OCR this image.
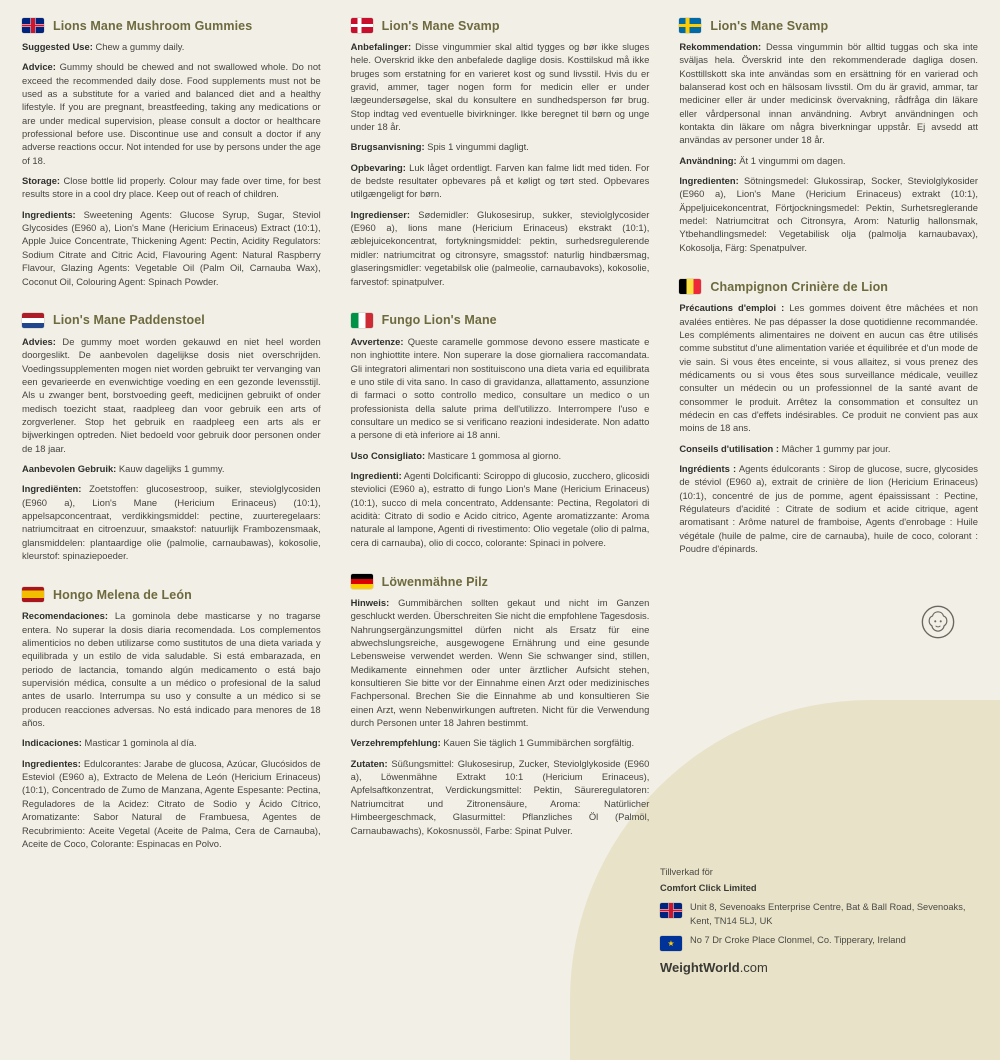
Lions Mane Mushroom Gummies

Suggested Use: Chew a gummy daily.

Advice: Gummy should be chewed and not swallowed whole. Do not exceed the recommended daily dose. Food supplements must not be used as a substitute for a varied and balanced diet and a healthy lifestyle. If you are pregnant, breastfeeding, taking any medications or are under medical supervision, please consult a doctor or healthcare professional before use. Discontinue use and consult a doctor if any adverse reactions occur. Not intended for use by persons under the age of 18.

Storage: Close bottle lid properly. Colour may fade over time, for best results store in a cool dry place. Keep out of reach of children.

Ingredients: Sweetening Agents: Glucose Syrup, Sugar, Steviol Glycosides (E960 a), Lion's Mane (Hericium Erinaceus) Extract (10:1), Apple Juice Concentrate, Thickening Agent: Pectin, Acidity Regulators: Sodium Citrate and Citric Acid, Flavouring Agent: Natural Raspberry Flavour, Glazing Agents: Vegetable Oil (Palm Oil, Carnauba Wax), Coconut Oil, Colouring Agent: Spinach Powder.

Lion's Mane Paddenstoel

Advies: De gummy moet worden gekauwd en niet heel worden doorgeslikt. De aanbevolen dagelijkse dosis niet overschrijden. Voedingssupplementen mogen niet worden gebruikt ter vervanging van een gevarieerde en evenwichtige voeding en een gezonde levensstijl. Als u zwanger bent, borstvoeding geeft, medicijnen gebruikt of onder medisch toezicht staat, raadpleeg dan voor gebruik een arts of zorgverlener. Stop het gebruik en raadpleeg een arts als er bijwerkingen optreden. Niet bedoeld voor gebruik door personen onder de 18 jaar.

Aanbevolen Gebruik: Kauw dagelijks 1 gummy.

Ingrediënten: Zoetstoffen: glucosestroop, suiker, steviolglycosiden (E960 a), Lion's Mane (Hericium Erinaceus) (10:1), appelsapconcentraat, verdikkingsmiddel: pectine, zuurteregelaars: natriumcitraat en citroenzuur, smaakstof: natuurlijk Frambozensmaak, glansmiddelen: plantaardige olie (palmolie, carnaubawas), kokosolie, kleurstof: spinaziepoeder.

Hongo Melena de León

Recomendaciones: La gominola debe masticarse y no tragarse entera. No superar la dosis diaria recomendada. Los complementos alimenticios no deben utilizarse como sustitutos de una dieta variada y equilibrada y un estilo de vida saludable. Si está embarazada, en periodo de lactancia, tomando algún medicamento o está bajo supervisión médica, consulte a un médico o profesional de la salud antes de usarlo. Interrumpa su uso y consulte a un médico si se producen reacciones adversas. No está indicado para menores de 18 años.

Indicaciones: Masticar 1 gominola al día.

Ingredientes: Edulcorantes: Jarabe de glucosa, Azúcar, Glucósidos de Esteviol (E960 a), Extracto de Melena de León (Hericium Erinaceus) (10:1), Concentrado de Zumo de Manzana, Agente Espesante: Pectina, Reguladores de la Acidez: Citrato de Sodio y Ácido Cítrico, Aromatizante: Sabor Natural de Frambuesa, Agentes de Recubrimiento: Aceite Vegetal (Aceite de Palma, Cera de Carnauba), Aceite de Coco, Colorante: Espinacas en Polvo.

Lion's Mane Svamp

Anbefalinger: Disse vingummier skal altid tygges og bør ikke sluges hele. Overskrid ikke den anbefalede daglige dosis. Kosttilskud må ikke bruges som erstatning for en varieret kost og sund livsstil. Hvis du er gravid, ammer, tager nogen form for medicin eller er under lægeundersøgelse, skal du konsultere en sundhedsperson før brug. Stop indtag ved eventuelle bivirkninger. Ikke beregnet til børn og unge under 18 år.

Brugsanvisning: Spis 1 vingummi dagligt.

Opbevaring: Luk låget ordentligt. Farven kan falme lidt med tiden. For de bedste resultater opbevares på et køligt og tørt sted. Opbevares utilgængeligt for børn.

Ingredienser: Sødemidler: Glukosesirup, sukker, steviolglycosider (E960 a), lions mane (Hericium Erinaceus) ekstrakt (10:1), æblejuicekoncentrat, fortykningsmiddel: pektin, surhedsregulerende midler: natriumcitrat og citronsyre, smagsstof: naturlig hindbærsmag, glaseringsmidler: vegetabilsk olie (palmeolie, carnaubavoks), kokosolie, farvestof: spinatpulver.

Fungo Lion's Mane

Avvertenze: Queste caramelle gommose devono essere masticate e non inghiottite intere. Non superare la dose giornaliera raccomandata. Gli integratori alimentari non sostituiscono una dieta varia ed equilibrata e uno stile di vita sano. In caso di gravidanza, allattamento, assunzione di farmaci o sotto controllo medico, consultare un medico o un professionista della salute prima dell'utilizzo. Interrompere l'uso e consultare un medico se si verificano reazioni indesiderate. Non adatto a persone di età inferiore ai 18 anni.

Uso Consigliato: Masticare 1 gommosa al giorno.

Ingredienti: Agenti Dolcificanti: Sciroppo di glucosio, zucchero, glicosidi steviolici (E960 a), estratto di fungo Lion's Mane (Hericium Erinaceus) (10:1), succo di mela concentrato, Addensante: Pectina, Regolatori di acidità: Citrato di sodio e Acido citrico, Agente aromatizzante: Aroma naturale al lampone, Agenti di rivestimento: Olio vegetale (olio di palma, cera di carnauba), olio di cocco, colorante: Spinaci in polvere.

Löwenmähne Pilz

Hinweis: Gummibärchen sollten gekaut und nicht im Ganzen geschluckt werden. Überschreiten Sie nicht die empfohlene Tagesdosis. Nahrungsergänzungsmittel dürfen nicht als Ersatz für eine abwechslungsreiche, ausgewogene Ernährung und eine gesunde Lebensweise verwendet werden. Wenn Sie schwanger sind, stillen, Medikamente einnehmen oder unter ärztlicher Aufsicht stehen, konsultieren Sie bitte vor der Einnahme einen Arzt oder medizinisches Fachpersonal. Brechen Sie die Einnahme ab und konsultieren Sie einen Arzt, wenn Nebenwirkungen auftreten. Nicht für die Verwendung durch Personen unter 18 Jahren bestimmt.

Verzehrempfehlung: Kauen Sie täglich 1 Gummibärchen sorgfältig.

Zutaten: Süßungsmittel: Glukosesirup, Zucker, Steviolglykoside (E960 a), Löwenmähne Extrakt 10:1 (Hericium Erinaceus), Apfelsaftkonzentrat, Verdickungsmittel: Pektin, Säureregulatoren: Natriumcitrat und Zitronensäure, Aroma: Natürlicher Himbeergeschmack, Glasurmittel: Pflanzliches Öl (Palmöl, Carnaubawachs), Kokosnussöl, Farbe: Spinat Pulver.

Lion's Mane Svamp

Rekommendation: Dessa vingummin bör alltid tuggas och ska inte sväljas hela. Överskrid inte den rekommenderade dagliga dosen. Kosttillskott ska inte användas som en ersättning för en varierad och balanserad kost och en hälsosam livsstil. Om du är gravid, ammar, tar mediciner eller är under medicinsk övervakning, rådfråga din läkare eller vårdpersonal innan användning. Avbryt användningen och kontakta din läkare om några biverkningar uppstår. Ej avsedd att användas av personer under 18 år.

Användning: Ät 1 vingummi om dagen.

Ingredienten: Sötningsmedel: Glukossirap, Socker, Steviolglykosider (E960 a), Lion's Mane (Hericium Erinaceus) extrakt (10:1), Äppeljuicekoncentrat, Förtjockningsmedel: Pektin, Surhetsreglerande medel: Natriumcitrat och Citronsyra, Arom: Naturlig hallonsmak, Ytbehandlingsmedel: Vegetabilisk olja (palmolja karnaubavax), Kokosolja, Färg: Spenatpulver.

Champignon Crinière de Lion

Précautions d'emploi : Les gommes doivent être mâchées et non avalées entières. Ne pas dépasser la dose quotidienne recommandée. Les compléments alimentaires ne doivent en aucun cas être utilisés comme substitut d'une alimentation variée et équilibrée et d'un mode de vie sain. Si vous êtes enceinte, si vous allaitez, si vous prenez des médicaments ou si vous êtes sous surveillance médicale, veuillez consulter un médecin ou un professionnel de la santé avant de consommer le produit. Arrêtez la consommation et consultez un médecin en cas d'effets indésirables. Ce produit ne convient pas aux moins de 18 ans.

Conseils d'utilisation : Mâcher 1 gummy par jour.

Ingrédients : Agents édulcorants : Sirop de glucose, sucre, glycosides de stéviol (E960 a), extrait de crinière de lion (Hericium Erinaceus) (10:1), concentré de jus de pomme, agent épaississant : Pectine, Régulateurs d'acidité : Citrate de sodium et acide citrique, agent aromatisant : Arôme naturel de framboise, Agents d'enrobage : Huile végétale (huile de palme, cire de carnauba), huile de coco, colorant : Poudre d'épinards.

Tillverkad för
Comfort Click Limited
Unit 8, Sevenoaks Enterprise Centre, Bat & Ball Road, Sevenoaks, Kent, TN14 5LJ, UK
★
No 7 Dr Croke Place Clonmel, Co. Tipperary, Ireland
WeightWorld.com
